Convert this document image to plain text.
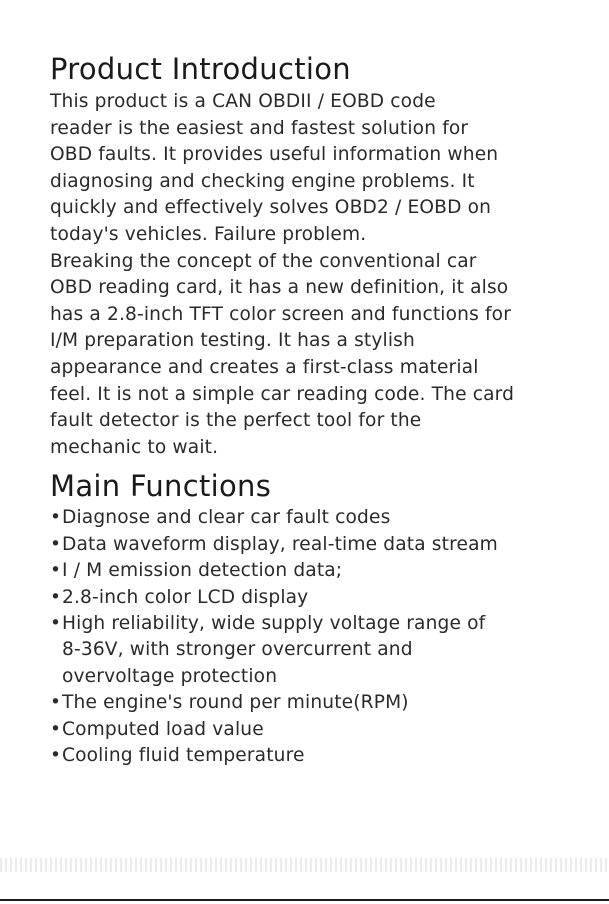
Product Introduction
This product is a CAN OBDII / EOBD code
reader is the easiest and fastest solution for
OBD faults. It provides useful information when
diagnosing and checking engine problems. It
quickly and effectively solves OBD2 / EOBD on
today's vehicles. Failure problem.
Breaking the concept of the conventional car
OBD reading card, it has a new definition, it also
has a 2.8-inch TFT color screen and functions for
I/M preparation testing. It has a stylish
appearance and creates a first-class material
feel. It is not a simple car reading code. The card
fault detector is the perfect tool for the
mechanic to wait.
Main Functions
• Diagnose and clear car fault codes
• Data waveform display, real-time data stream
• I / M emission detection data;
• 2.8-inch color LCD display
• High reliability, wide supply voltage range of
8-36V, with stronger overcurrent and
overvoltage protection
• The engine's round per minute(RPM)
• Computed load value
• Cooling fluid temperature
